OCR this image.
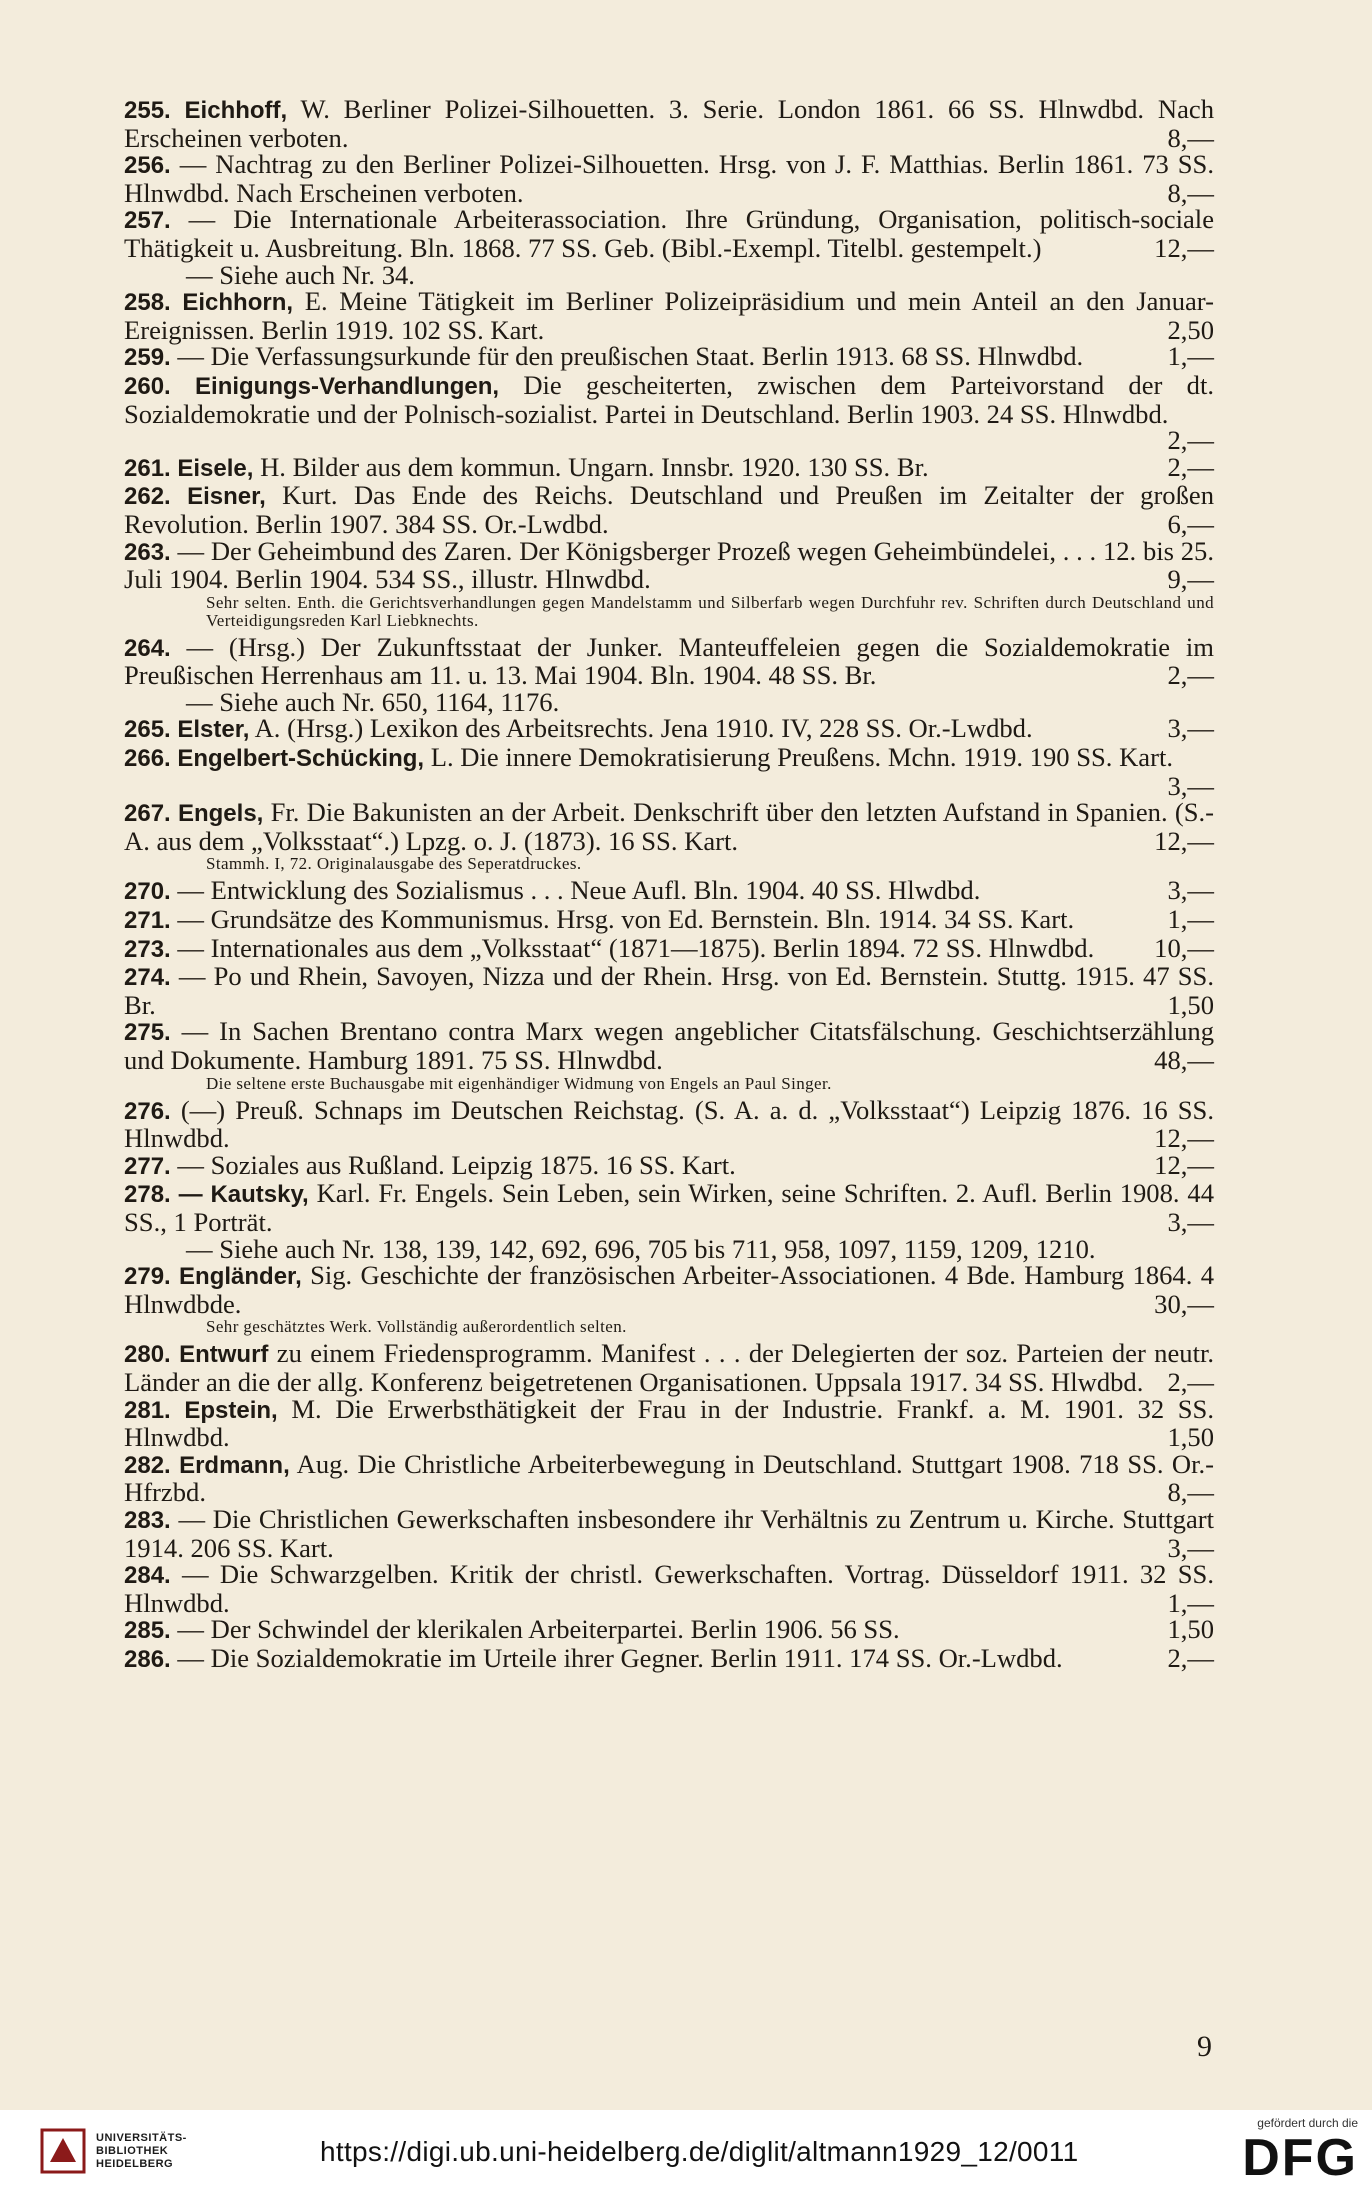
255. Eichhoff, W. Berliner Polizei-Silhouetten. 3. Serie. London 1861. 66 SS. Hlnwdbd. Nach Erscheinen verboten.	8,—
256. — Nachtrag zu den Berliner Polizei-Silhouetten. Hrsg. von J. F. Matthias. Berlin 1861. 73 SS. Hlnwdbd. Nach Erscheinen verboten.	8,—
257. — Die Internationale Arbeiterassociation. Ihre Gründung, Organisation, politisch-sociale Thätigkeit u. Ausbreitung. Bln. 1868. 77 SS. Geb. (Bibl.-Exempl. Titelbl. gestempelt.)	12,—
— Siehe auch Nr. 34.
258. Eichhorn, E. Meine Tätigkeit im Berliner Polizeipräsidium und mein Anteil an den Januar-Ereignissen. Berlin 1919. 102 SS. Kart.	2,50
259. — Die Verfassungsurkunde für den preußischen Staat. Berlin 1913. 68 SS. Hlnwdbd.	1,—
260. Einigungs-Verhandlungen, Die gescheiterten, zwischen dem Parteivorstand der dt. Sozialdemokratie und der Polnisch-sozialist. Partei in Deutschland. Berlin 1903. 24 SS. Hlnwdbd.
2,—
261. Eisele, H. Bilder aus dem kommun. Ungarn. Innsbr. 1920. 130 SS. Br.	2,—
262. Eisner, Kurt. Das Ende des Reichs. Deutschland und Preußen im Zeitalter der großen Revolution. Berlin 1907. 384 SS. Or.-Lwdbd.	6,—
263. — Der Geheimbund des Zaren. Der Königsberger Prozeß wegen Geheimbündelei, . . . 12. bis 25. Juli 1904. Berlin 1904. 534 SS., illustr. Hlnwdbd.	9,—
Sehr selten. Enth. die Gerichtsverhandlungen gegen Mandelstamm und Silberfarb wegen Durchfuhr rev. Schriften durch Deutschland und Verteidigungsreden Karl Liebknechts.
264. — (Hrsg.) Der Zukunftsstaat der Junker. Manteuffeleien gegen die Sozialdemokratie im Preußischen Herrenhaus am 11. u. 13. Mai 1904. Bln. 1904. 48 SS. Br.	2,—
— Siehe auch Nr. 650, 1164, 1176.
265. Elster, A. (Hrsg.) Lexikon des Arbeitsrechts. Jena 1910. IV, 228 SS. Or.-Lwdbd.	3,—
266. Engelbert-Schücking, L. Die innere Demokratisierung Preußens. Mchn. 1919. 190 SS. Kart.
3,—
267. Engels, Fr. Die Bakunisten an der Arbeit. Denkschrift über den letzten Aufstand in Spanien. (S.-A. aus dem „Volksstaat“.) Lpzg. o. J. (1873). 16 SS. Kart.	12,—
Stammh. I, 72. Originalausgabe des Seperatdruckes.
270. — Entwicklung des Sozialismus . . . Neue Aufl. Bln. 1904. 40 SS. Hlwdbd.	3,—
271. — Grundsätze des Kommunismus. Hrsg. von Ed. Bernstein. Bln. 1914. 34 SS. Kart.	1,—
273. — Internationales aus dem „Volksstaat“ (1871—1875). Berlin 1894. 72 SS. Hlnwdbd. 10,—
274. — Po und Rhein, Savoyen, Nizza und der Rhein. Hrsg. von Ed. Bernstein. Stuttg. 1915. 47 SS. Br.	1,50
275. — In Sachen Brentano contra Marx wegen angeblicher Citatsfälschung. Geschichtserzählung und Dokumente. Hamburg 1891. 75 SS. Hlnwdbd.	48,—
Die seltene erste Buchausgabe mit eigenhändiger Widmung von Engels an Paul Singer.
276. (—) Preuß. Schnaps im Deutschen Reichstag. (S. A. a. d. „Volksstaat“) Leipzig 1876. 16 SS. Hlnwdbd.	12,—
277. — Soziales aus Rußland. Leipzig 1875. 16 SS. Kart.	12,—
278. — Kautsky, Karl. Fr. Engels. Sein Leben, sein Wirken, seine Schriften. 2. Aufl. Berlin 1908. 44 SS., 1 Porträt.	3,—
— Siehe auch Nr. 138, 139, 142, 692, 696, 705 bis 711, 958, 1097, 1159, 1209, 1210.
279. Engländer, Sig. Geschichte der französischen Arbeiter-Associationen. 4 Bde. Hamburg 1864. 4 Hlnwdbde.	30,—
Sehr geschätztes Werk. Vollständig außerordentlich selten.
280. Entwurf zu einem Friedensprogramm. Manifest . . . der Delegierten der soz. Parteien der neutr. Länder an die der allg. Konferenz beigetretenen Organisationen. Uppsala 1917. 34 SS. Hlwdbd. 2,—
281. Epstein, M. Die Erwerbsthätigkeit der Frau in der Industrie. Frankf. a. M. 1901. 32 SS. Hlnwdbd.	1,50
282. Erdmann, Aug. Die Christliche Arbeiterbewegung in Deutschland. Stuttgart 1908. 718 SS. Or.-Hfrzbd.	8,—
283. — Die Christlichen Gewerkschaften insbesondere ihr Verhältnis zu Zentrum u. Kirche. Stuttgart 1914. 206 SS. Kart.	3,—
284. — Die Schwarzgelben. Kritik der christl. Gewerkschaften. Vortrag. Düsseldorf 1911. 32 SS. Hlnwdbd.	1,—
285. — Der Schwindel der klerikalen Arbeiterpartei. Berlin 1906. 56 SS.	1,50
286. — Die Sozialdemokratie im Urteile ihrer Gegner. Berlin 1911. 174 SS. Or.-Lwdbd.	2,—
9
UNIVERSITÄTS-
BIBLIOTHEK
HEIDELBERG	https://digi.ub.uni-heidelberg.de/diglit/altmann1929_12/0011
gefördert durch die
DFG
